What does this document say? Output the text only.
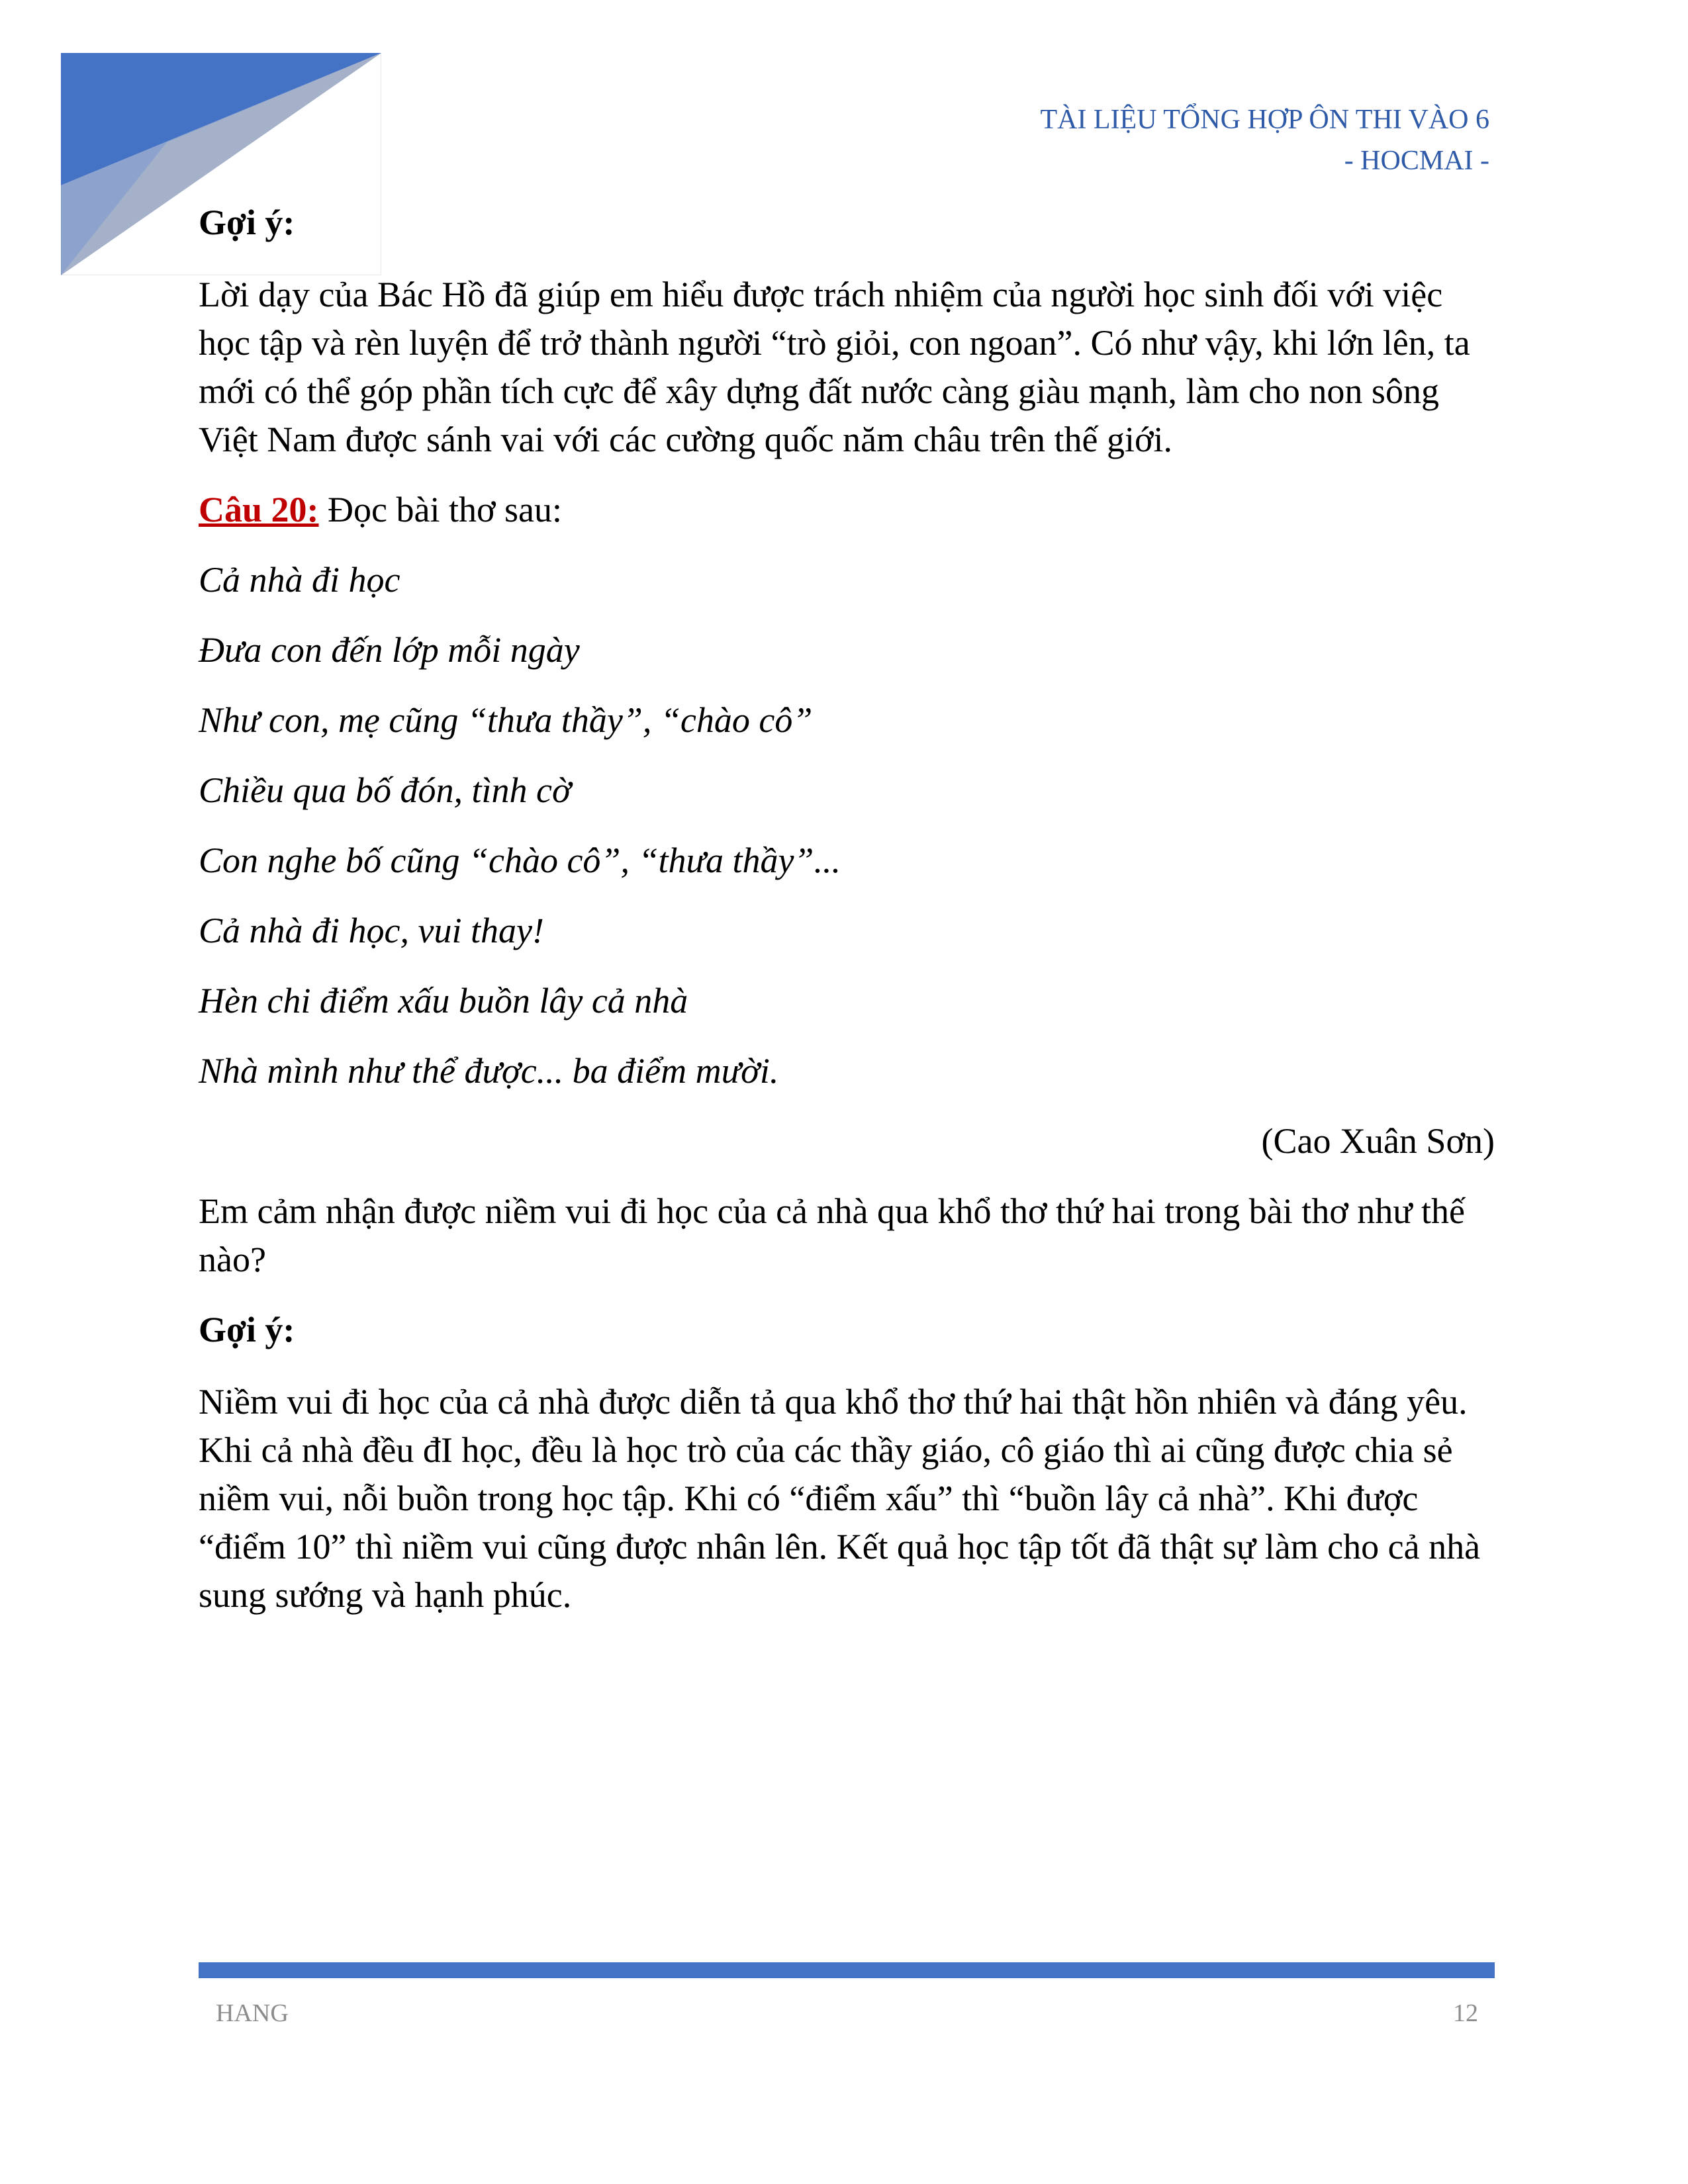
TÀI LIỆU TỔNG HỢP ÔN THI VÀO 6
- HOCMAI -

Gợi ý:

Lời dạy của Bác Hồ đã giúp em hiểu được trách nhiệm của người học sinh đối với việc học tập và rèn luyện để trở thành người “trò giỏi, con ngoan”. Có như vậy, khi lớn lên, ta mới có thể góp phần tích cực để xây dựng đất nước càng giàu mạnh, làm cho non sông Việt Nam được sánh vai với các cường quốc năm châu trên thế giới.

Câu 20: Đọc bài thơ sau:

Cả nhà đi học

Đưa con đến lớp mỗi ngày

Như con, mẹ cũng “thưa thầy”, “chào cô”

Chiều qua bố đón, tình cờ

Con nghe bố cũng “chào cô”, “thưa thầy”...

Cả nhà đi học, vui thay!

Hèn chi điểm xấu buồn lây cả nhà

Nhà mình như thể được... ba điểm mười.

(Cao Xuân Sơn)

Em cảm nhận được niềm vui đi học của cả nhà qua khổ thơ thứ hai trong bài thơ như thế nào?

Gợi ý:

Niềm vui đi học của cả nhà được diễn tả qua khổ thơ thứ hai thật hồn nhiên và đáng yêu. Khi cả nhà đều đI học, đều là học trò của các thầy giáo, cô giáo thì ai cũng được chia sẻ niềm vui, nỗi buồn trong học tập. Khi có “điểm xấu” thì “buồn lây cả nhà”. Khi được “điểm 10” thì niềm vui cũng được nhân lên. Kết quả học tập tốt đã thật sự làm cho cả nhà sung sướng và hạnh phúc.

HANG	12
